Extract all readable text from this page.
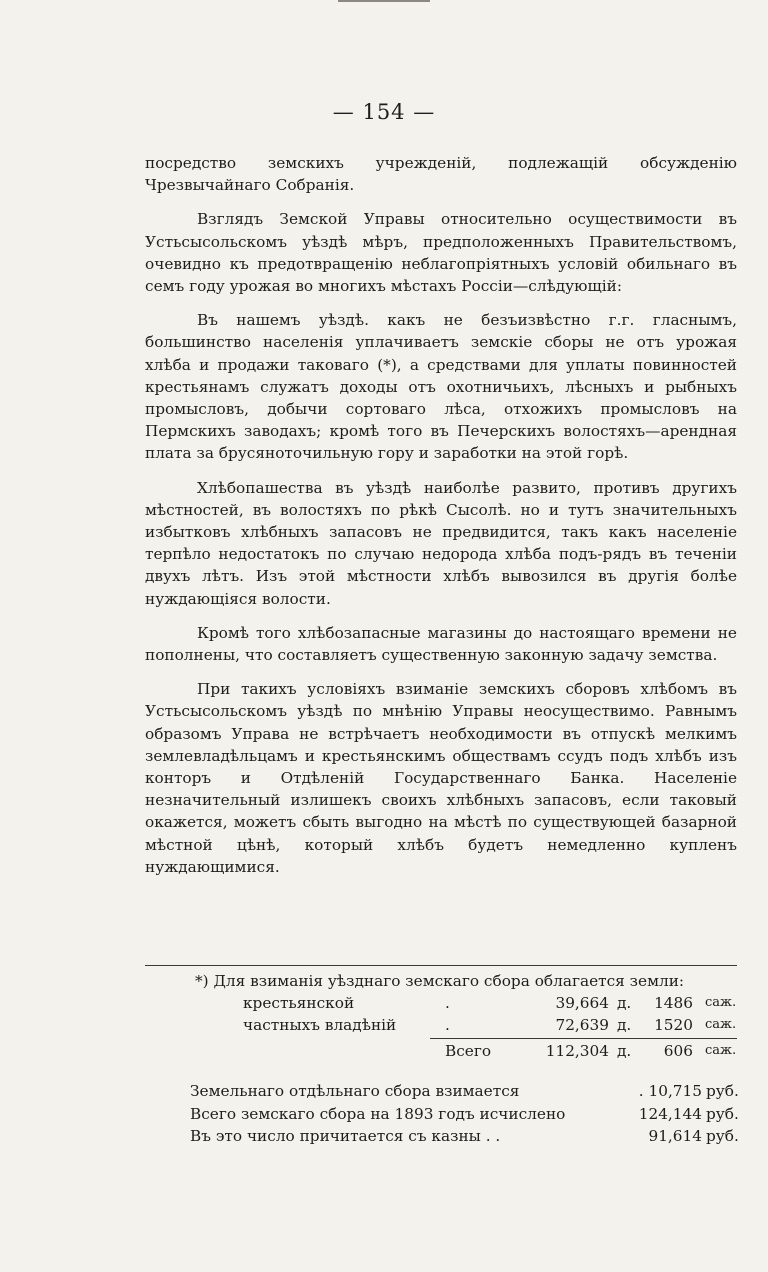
— 154 —

посредство земскихъ учрежденій, подлежащій обсужденію Чрезвычайнаго Собранія.

Взглядъ Земской Управы относительно осуществимости въ Устьсысольскомъ уѣздѣ мѣръ, предположенныхъ Правительствомъ, очевидно къ предотвращенію неблагопріятныхъ условій обильнаго въ семъ году урожая во многихъ мѣстахъ Россіи—слѣдующій:

Въ нашемъ уѣздѣ. какъ не безъизвѣстно г.г. гласнымъ, большинство населенія уплачиваетъ земскіе сборы не отъ урожая хлѣба и продажи таковаго (*), а средствами для уплаты повинностей крестьянамъ служатъ доходы отъ охотничьихъ, лѣсныхъ и рыбныхъ промысловъ, добычи сортоваго лѣса, отхожихъ промысловъ на Пермскихъ заводахъ; кромѣ того въ Печерскихъ волостяхъ—арендная плата за брусяноточильную гору и заработки на этой горѣ.

Хлѣбопашества въ уѣздѣ наиболѣе развито, противъ другихъ мѣстностей, въ волостяхъ по рѣкѣ Сысолѣ. но и тутъ значительныхъ избытковъ хлѣбныхъ запасовъ не предвидится, такъ какъ населеніе терпѣло недостатокъ по случаю недорода хлѣба подъ-рядъ въ теченіи двухъ лѣтъ. Изъ этой мѣстности хлѣбъ вывозился въ другія болѣе нуждающіяся волости.

Кромѣ того хлѣбозапасные магазины до настоящаго времени не пополнены, что составляетъ существенную законную задачу земства.

При такихъ условіяхъ взиманіе земскихъ сборовъ хлѣбомъ въ Устьсысольскомъ уѣздѣ по мнѣнію Управы неосуществимо. Равнымъ образомъ Управа не встрѣчаетъ необходимости въ отпускѣ мелкимъ землевладѣльцамъ и крестьянскимъ обществамъ ссудъ подъ хлѣбъ изъ конторъ и Отдѣленій Государственнаго Банка. Населеніе незначительный излишекъ своихъ хлѣбныхъ запасовъ, если таковый окажется, можетъ сбыть выгодно на мѣстѣ по существующей базарной мѣстной цѣнѣ, который хлѣбъ будетъ немедленно купленъ нуждающимися.

*) Для взиманія уѣзднаго земскаго сбора облагается земли:
крестьянской	.	39,664 д.	1486 саж.
частныхъ владѣній	.	72,639 д.	1520 саж.
Всего	112,304 д.	606 саж.
Земельнаго отдѣльнаго сбора взимается	. 10,715 руб.
Всего земскаго сбора на 1893 годъ исчислено	124,144 руб.
Въ это число причитается съ казны . .	91,614 руб.
